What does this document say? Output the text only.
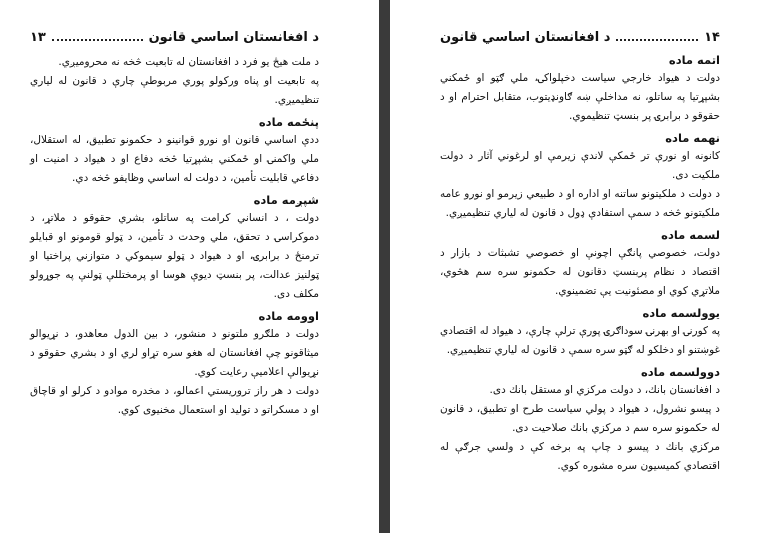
د افغانستان اساسي قانون
۱۳

د ملت هيڅ يو فرد د افغانستان له تابعيت څخه نه محروميږي.

په تابعيت او پناه وركولو پوري مربوطې چارې د قانون له لياري تنظيميږي.

پنځمه ماده

ددې اساسي قانون او نورو قوانينو د حكمونو تطبيق، له استقلال، ملي واكمنۍ او ځمكني بشپړتيا څخه دفاع او د هيواد د امنيت او دفاعي قابليت تأمين، د دولت له اساسي وظايفو څخه دي.

شپږمه ماده

دولت ، د انساني كرامت په ساتلو، بشري حقوقو د ملاتړ، د دموكراسۍ د تحقق، ملي وحدت د تأمين، د ټولو قومونو او قبايلو ترمنځ د برابرۍ، او د هيواد د ټولو سيموكي د متوازني پراختيا او ټولنيز عدالت، پر بنسټ ديوې هوسا او پرمختللې ټولنې په جوړولو مكلف دی.

اوومه ماده

دولت د ملګرو ملتونو د منشور، د بين الدول معاهدو، د نړيوالو ميثاقونو چې افغانستان له هغو سره تړاو لري او د بشري حقوقو د نړيوالې اعلاميې رعايت كوي.

دولت د هر راز تروريستي اعمالو، د مخدره موادو د كرلو او قاچاق او د مسكراتو د توليد او استعمال مخنيوى كوي.

۱۴
د افغانستان اساسي قانون
اتمه ماده

دولت د هيواد خارجي سياست دخپلواكۍ، ملي ګټو او ځمكني بشپړتيا په ساتلو، نه مداخلې ښه ګاونډيتوب، متقابل احترام او د حقوقو د برابرۍ پر بنسټ تنظيموي.

نهمه ماده

كانونه او نورې تر ځمكې لاندې زيرمې او لرغوني آثار د دولت ملكيت دی.

د دولت د ملكيتونو ساتنه او اداره او د طبيعي زيرمو او نورو عامه ملكيتونو څخه د سمې استفادې ډول د قانون له لياري تنظيميږي.

لسمه ماده

دولت، خصوصي پانګې اچونې او خصوصي تشبثات د بازار د اقتصاد د نظام پربنسټ دقانون له حكمونو سره سم هڅوي، ملاتړي كوي او مصئونيت يې تضمينوي.

يوولسمه ماده

په كورنۍ او بهرنۍ سوداګرۍ پورې ترلې چارې، د هيواد له اقتصادي غوښتنو او دخلكو له ګټو سره سمې د قانون له لياري تنظيميږي.

دوولسمه ماده

د افغانستان بانك، د دولت مركزي او مستقل بانك دی.

د پيسو نشرول، د هيواد د پولي سياست طرح او تطبيق، د قانون له حكمونو سره سم د مركزي بانك صلاحيت دی.

مركزي بانك د پيسو د چاپ په برخه كې د ولسي جرګې له اقتصادي كميسيون سره مشوره كوي.
